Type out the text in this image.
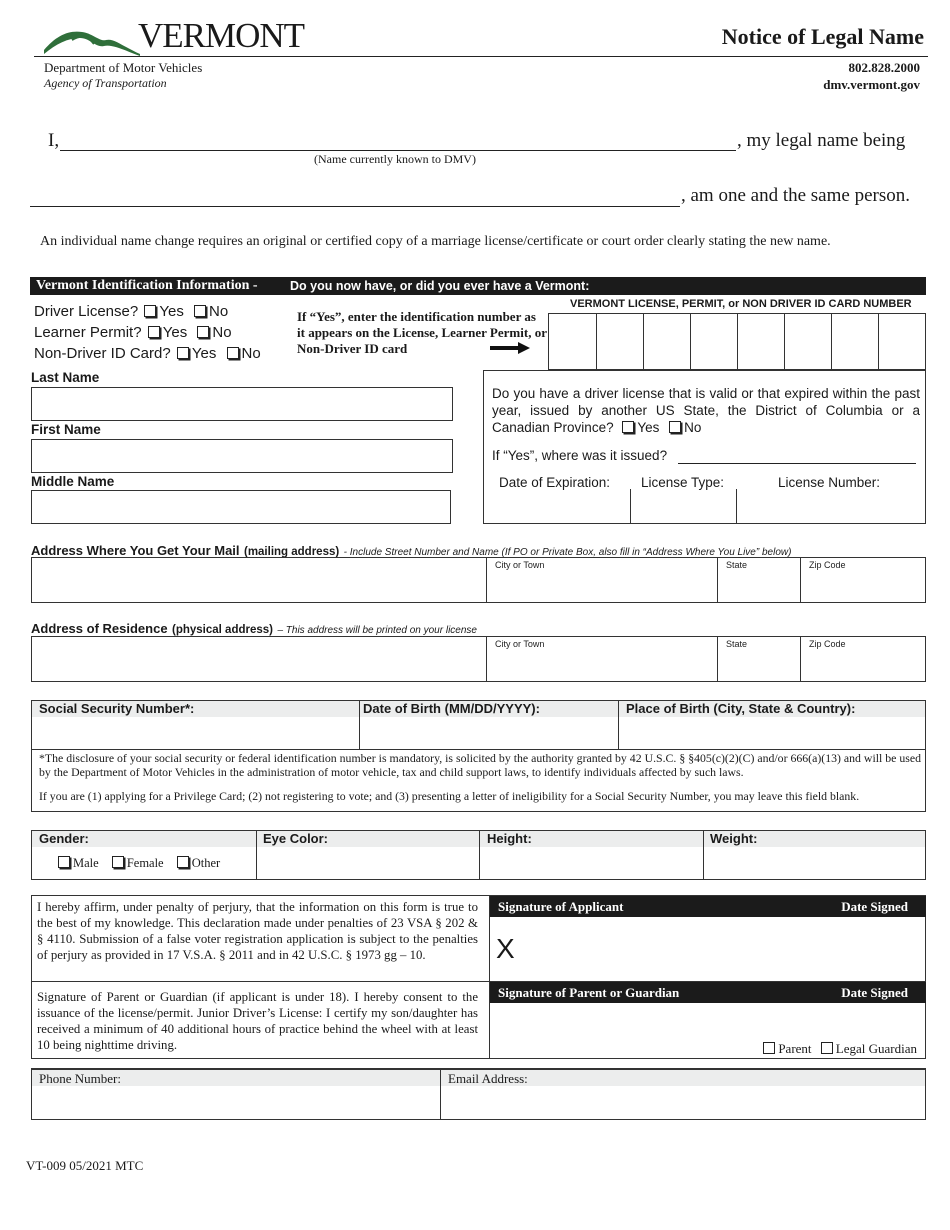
VERMONT	Notice of Legal Name
Department of Motor Vehicles
Agency of Transportation
802.828.2000
dmv.vermont.gov
I,	, my legal name being
(Name currently known to DMV)
, am one and the same person.
An individual name change requires an original or certified copy of a marriage license/certificate or court order clearly stating the new name.
Vermont Identification Information -	Do you now have, or did you ever have a Vermont:
Driver License? Yes No
Learner Permit? Yes No
Non-Driver ID Card? Yes No
If “Yes”, enter the identification number as it appears on the License, Learner Permit, or Non-Driver ID card
VERMONT LICENSE, PERMIT, or NON DRIVER ID CARD NUMBER
Last Name
First Name
Middle Name
Do you have a driver license that is valid or that expired within the past year, issued by another US State, the District of Columbia or a Canadian Province? Yes No
If “Yes”, where was it issued?
Date of Expiration: License Type:	License Number:
Address Where You Get Your Mail (mailing address) - Include Street Number and Name (If PO or Private Box, also fill in “Address Where You Live” below)
City or Town	State	Zip Code
Address of Residence (physical address) – This address will be printed on your license
City or Town	State	Zip Code
Social Security Number*:	Date of Birth (MM/DD/YYYY):	Place of Birth (City, State & Country):
*The disclosure of your social security or federal identification number is mandatory, is solicited by the authority granted by 42 U.S.C. § §405(c)(2)(C) and/or 666(a)(13) and will be used by the Department of Motor Vehicles in the administration of motor vehicle, tax and child support laws, to identify individuals affected by such laws.
If you are (1) applying for a Privilege Card; (2) not registering to vote; and (3) presenting a letter of ineligibility for a Social Security Number, you may leave this field blank.
Gender:	Eye Color:	Height:	Weight:
Male Female Other
I hereby affirm, under penalty of perjury, that the information on this form is true to the best of my knowledge. This declaration made under penalties of 23 VSA § 202 & § 4110. Submission of a false voter registration application is subject to the penalties of perjury as provided in 17 V.S.A. § 2011 and in 42 U.S.C. § 1973 gg – 10.
Signature of Applicant	Date Signed
X
Signature of Parent or Guardian (if applicant is under 18). I hereby consent to the issuance of the license/permit. Junior Driver’s License: I certify my son/daughter has received a minimum of 40 additional hours of practice behind the wheel with at least 10 being nighttime driving.
Signature of Parent or Guardian	Date Signed
Parent Legal Guardian
Phone Number:	Email Address:
VT-009 05/2021 MTC
